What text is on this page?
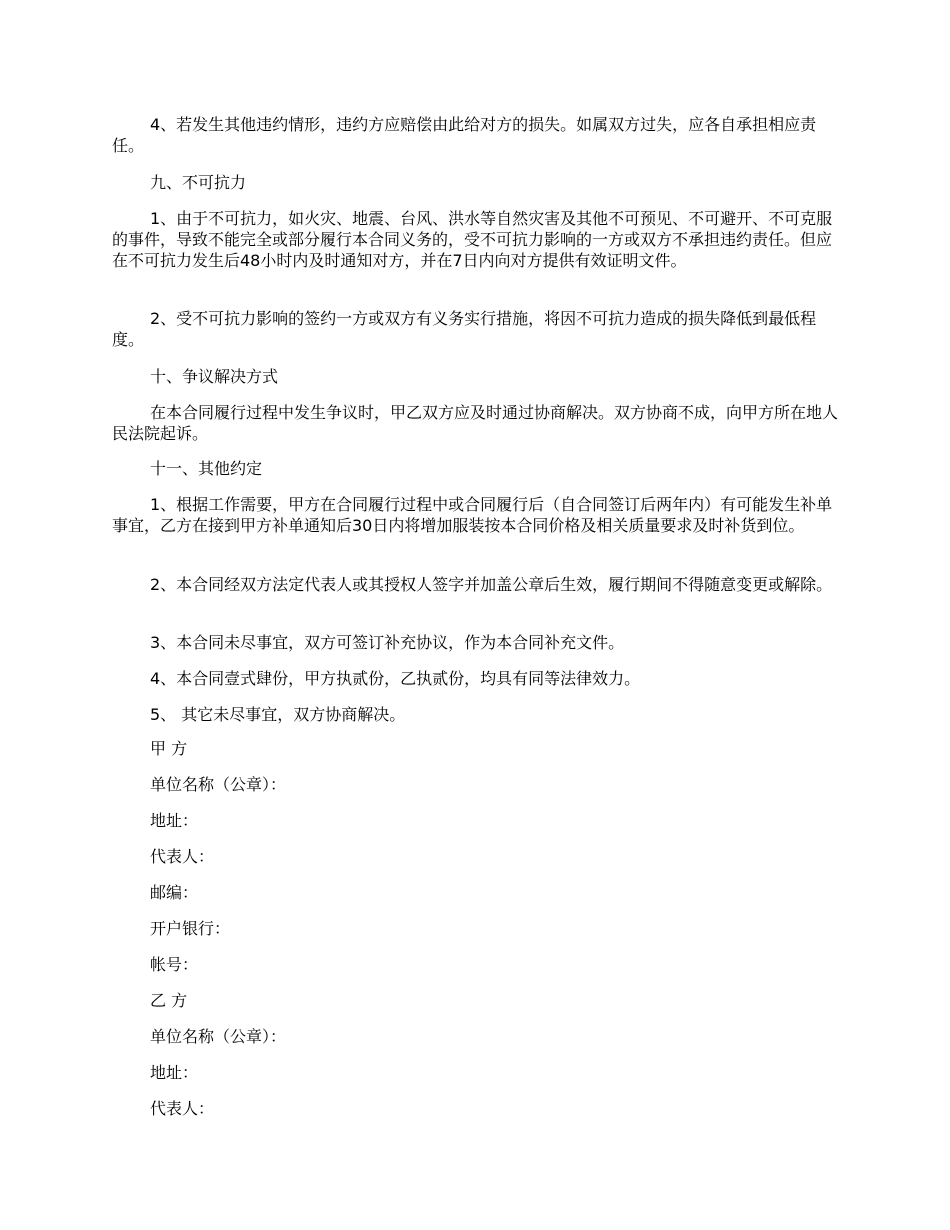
4、若发生其他违约情形，违约方应赔偿由此给对方的损失。如属双方过失，应各自承担相应责任。

九、不可抗力

1、由于不可抗力，如火灾、地震、台风、洪水等自然灾害及其他不可预见、不可避开、不可克服的事件，导致不能完全或部分履行本合同义务的，受不可抗力影响的一方或双方不承担违约责任。但应在不可抗力发生后48小时内及时通知对方，并在7日内向对方提供有效证明文件。

2、受不可抗力影响的签约一方或双方有义务实行措施，将因不可抗力造成的损失降低到最低程度。

十、争议解决方式

在本合同履行过程中发生争议时，甲乙双方应及时通过协商解决。双方协商不成，向甲方所在地人民法院起诉。

十一、其他约定

1、根据工作需要，甲方在合同履行过程中或合同履行后（自合同签订后两年内）有可能发生补单事宜，乙方在接到甲方补单通知后30日内将增加服装按本合同价格及相关质量要求及时补货到位。

2、本合同经双方法定代表人或其授权人签字并加盖公章后生效，履行期间不得随意变更或解除。

3、本合同未尽事宜，双方可签订补充协议，作为本合同补充文件。

4、本合同壹式肆份，甲方执贰份，乙执贰份，均具有同等法律效力。

5、 其它未尽事宜，双方协商解决。

甲 方

单位名称（公章）：

地址：

代表人：

邮编：

开户银行：

帐号：

乙 方

单位名称（公章）：

地址：

代表人：
